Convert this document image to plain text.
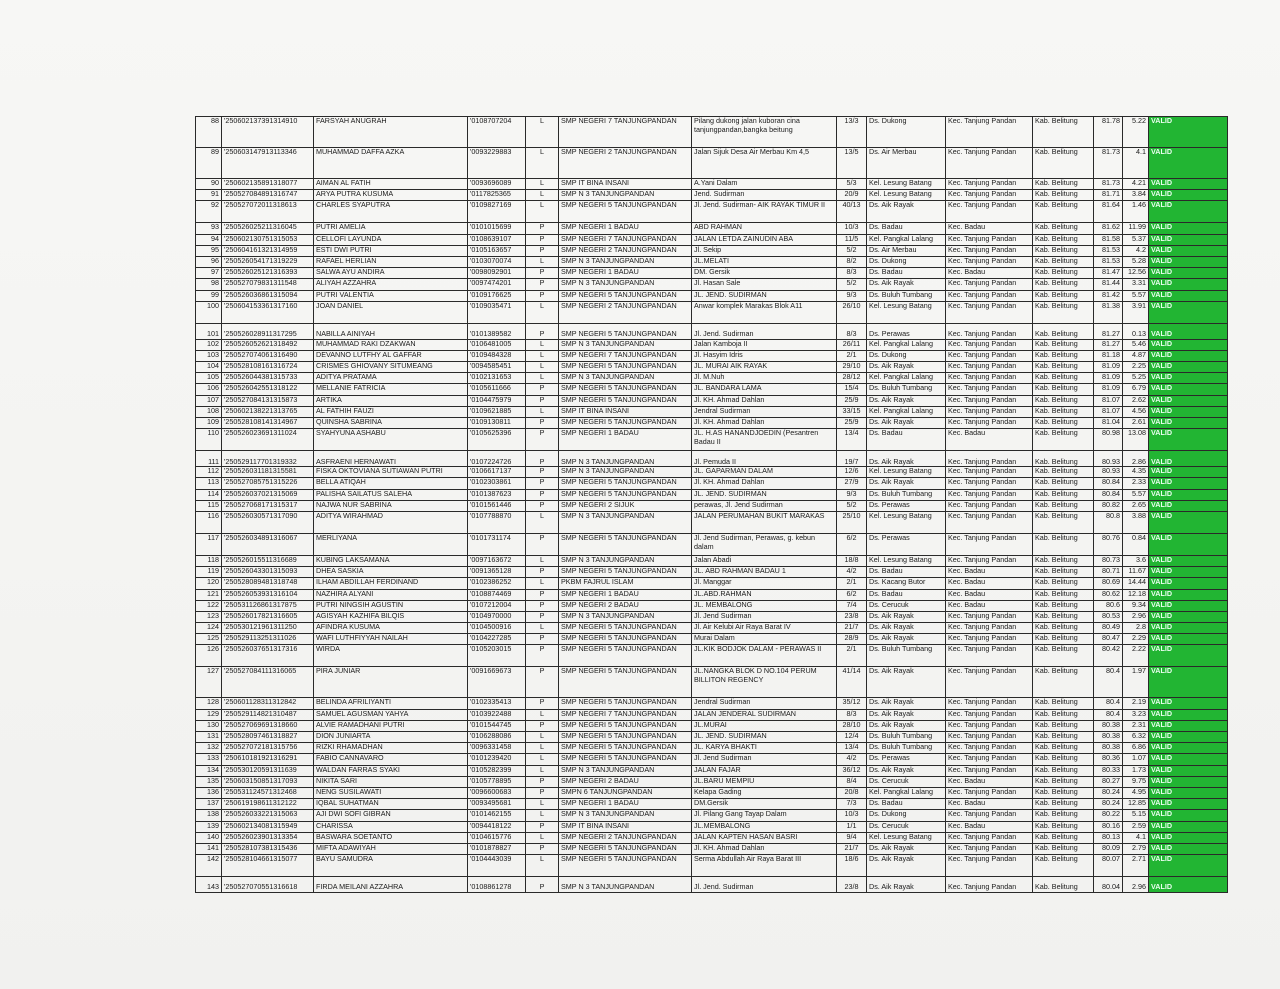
88	'250602137391314910	FARSYAH ANUGRAH	'0108707204	L	SMP NEGERI 7 TANJUNGPANDAN	Pilang dukong jalan kuboran cina tanjungpandan,bangka beitung	13/3	Ds. Dukong	Kec. Tanjung Pandan	Kab. Belitung	81.78	5.22	VALID
89	'250603147913113346	MUHAMMAD DAFFA AZKA	'0093229883	L	SMP NEGERI 2 TANJUNGPANDAN	Jalan Sijuk Desa Air Merbau Km 4,5	13/5	Ds. Air Merbau	Kec. Tanjung Pandan	Kab. Belitung	81.73	4.1	VALID
90	'250602135891318077	AIMAN AL FATIH	'0093696089	L	SMP IT BINA INSANI	A.Yani Dalam	5/3	Kel. Lesung Batang	Kec. Tanjung Pandan	Kab. Belitung	81.73	4.21	VALID
91	'250527084891316747	ARYA PUTRA KUSUMA	'0117825365	L	SMP N 3 TANJUNGPANDAN	Jend. Sudirman	20/9	Kel. Lesung Batang	Kec. Tanjung Pandan	Kab. Belitung	81.71	3.84	VALID
92	'250527072011318613	CHARLES SYAPUTRA	'0109827169	L	SMP NEGERI 5 TANJUNGPANDAN	Jl. Jend. Sudirman- AIK RAYAK TIMUR II	40/13	Ds. Aik Rayak	Kec. Tanjung Pandan	Kab. Belitung	81.64	1.46	VALID
93	'250526025211316045	PUTRI AMELIA	'0101015699	P	SMP NEGERI 1 BADAU	ABD RAHMAN	10/3	Ds. Badau	Kec. Badau	Kab. Belitung	81.62	11.99	VALID
94	'250602130751315053	CELLOFI LAYUNDA	'0108639107	P	SMP NEGERI 7 TANJUNGPANDAN	JALAN LETDA ZAINUDIN ABA	11/5	Kel. Pangkal Lalang	Kec. Tanjung Pandan	Kab. Belitung	81.58	5.37	VALID
95	'250604161321314959	ESTI DWI PUTRI	'0105163657	P	SMP NEGERI 2 TANJUNGPANDAN	Jl. Sekip	5/2	Ds. Air Merbau	Kec. Tanjung Pandan	Kab. Belitung	81.53	4.2	VALID
96	'250526054171319229	RAFAEL HERLIAN	'0103070074	L	SMP N 3 TANJUNGPANDAN	JL.MELATI	8/2	Ds. Dukong	Kec. Tanjung Pandan	Kab. Belitung	81.53	5.28	VALID
97	'250526025121316393	SALWA AYU ANDIRA	'0098092901	P	SMP NEGERI 1 BADAU	DM. Gersik	8/3	Ds. Badau	Kec. Badau	Kab. Belitung	81.47	12.56	VALID
98	'250527079831311548	ALIYAH AZZAHRA	'0097474201	P	SMP N 3 TANJUNGPANDAN	Jl. Hasan Sale	5/2	Ds. Aik Rayak	Kec. Tanjung Pandan	Kab. Belitung	81.44	3.31	VALID
99	'250526036861315094	PUTRI VALENTIA	'0109176625	P	SMP NEGERI 5 TANJUNGPANDAN	JL. JEND. SUDIRMAN	9/3	Ds. Buluh Tumbang	Kec. Tanjung Pandan	Kab. Belitung	81.42	5.57	VALID
100	'250604153361317160	JOAN DANIEL	'0109035471	L	SMP NEGERI 2 TANJUNGPANDAN	Anwar komplek Marakas Blok A11	26/10	Kel. Lesung Batang	Kec. Tanjung Pandan	Kab. Belitung	81.38	3.91	VALID
101	'250526028911317295	NABILLA AINIYAH	'0101389582	P	SMP NEGERI 5 TANJUNGPANDAN	Jl. Jend. Sudirman	8/3	Ds. Perawas	Kec. Tanjung Pandan	Kab. Belitung	81.27	0.13	VALID
102	'250526052621318492	MUHAMMAD RAKI DZAKWAN	'0106481005	L	SMP N 3 TANJUNGPANDAN	Jalan Kamboja II	26/11	Kel. Pangkal Lalang	Kec. Tanjung Pandan	Kab. Belitung	81.27	5.46	VALID
103	'250527074061316490	DEVANNO LUTFHY AL GAFFAR	'0109484328	L	SMP NEGERI 7 TANJUNGPANDAN	Jl. Hasyim Idris	2/1	Ds. Dukong	Kec. Tanjung Pandan	Kab. Belitung	81.18	4.87	VALID
104	'250528108161316724	CRISMES GHIOVANY SITUMEANG	'0094585451	L	SMP NEGERI 5 TANJUNGPANDAN	JL. MURAI AIK RAYAK	29/10	Ds. Aik Rayak	Kec. Tanjung Pandan	Kab. Belitung	81.09	2.25	VALID
105	'250526044381315733	ADITYA PRATAMA	'0102131653	L	SMP N 3 TANJUNGPANDAN	Jl. M.Nuh	28/12	Kel. Pangkal Lalang	Kec. Tanjung Pandan	Kab. Belitung	81.09	5.25	VALID
106	'250526042551318122	MELLANIE FATRICIA	'0105611666	P	SMP NEGERI 5 TANJUNGPANDAN	JL. BANDARA LAMA	15/4	Ds. Buluh Tumbang	Kec. Tanjung Pandan	Kab. Belitung	81.09	6.79	VALID
107	'250527084131315873	ARTIKA	'0104475979	P	SMP NEGERI 5 TANJUNGPANDAN	Jl. KH. Ahmad Dahlan	25/9	Ds. Aik Rayak	Kec. Tanjung Pandan	Kab. Belitung	81.07	2.62	VALID
108	'250602138221313765	AL FATHIH FAUZI	'0109621885	L	SMP IT BINA INSANI	Jendral Sudirman	33/15	Kel. Pangkal Lalang	Kec. Tanjung Pandan	Kab. Belitung	81.07	4.56	VALID
109	'250528108141314967	QUINSHA SABRINA	'0109130811	P	SMP NEGERI 5 TANJUNGPANDAN	Jl. KH. Ahmad Dahlan	25/9	Ds. Aik Rayak	Kec. Tanjung Pandan	Kab. Belitung	81.04	2.61	VALID
110	'250526023691311024	SYAHYUNA ASHABU	'0105625396	P	SMP NEGERI 1 BADAU	JL. H.AS HANANDJOEDIN (Pesantren Badau II	13/4	Ds. Badau	Kec. Badau	Kab. Belitung	80.98	13.08	VALID
111	'250529117701319332	ASFRAENI HERNAWATI	'0107224726	P	SMP N 3 TANJUNGPANDAN	Jl. Pemuda II	19/7	Ds. Aik Rayak	Kec. Tanjung Pandan	Kab. Belitung	80.93	2.86	VALID
112	'250526031181315581	FISKA OKTOVIANA SUTIAWAN PUTRI	'0106617137	P	SMP N 3 TANJUNGPANDAN	JL. GAPARMAN DALAM	12/6	Kel. Lesung Batang	Kec. Tanjung Pandan	Kab. Belitung	80.93	4.35	VALID
113	'250527085751315226	BELLA ATIQAH	'0102303861	P	SMP NEGERI 5 TANJUNGPANDAN	Jl. KH. Ahmad Dahlan	27/9	Ds. Aik Rayak	Kec. Tanjung Pandan	Kab. Belitung	80.84	2.33	VALID
114	'250526037021315069	PALISHA SAILATUS SALEHA	'0101387623	P	SMP NEGERI 5 TANJUNGPANDAN	JL. JEND. SUDIRMAN	9/3	Ds. Buluh Tumbang	Kec. Tanjung Pandan	Kab. Belitung	80.84	5.57	VALID
115	'250527068171315317	NAJWA NUR SABRINA	'0101561446	P	SMP NEGERI 2 SIJUK	perawas, Jl. Jend Sudirman	5/2	Ds. Perawas	Kec. Tanjung Pandan	Kab. Belitung	80.82	2.65	VALID
116	'250526030571317090	ADITYA WIRAHMAD	'0107788870	L	SMP N 3 TANJUNGPANDAN	JALAN PERUMAHAN BUKIT MARAKAS	25/10	Kel. Lesung Batang	Kec. Tanjung Pandan	Kab. Belitung	80.8	3.88	VALID
117	'250526034891316067	MERLIYANA	'0101731174	P	SMP NEGERI 5 TANJUNGPANDAN	Jl. Jend Sudirman, Perawas, g. kebun dalam	6/2	Ds. Perawas	Kec. Tanjung Pandan	Kab. Belitung	80.76	0.84	VALID
118	'250526015511316689	KUBING LAKSAMANA	'0097163672	L	SMP N 3 TANJUNGPANDAN	Jalan Abadi	18/8	Kel. Lesung Batang	Kec. Tanjung Pandan	Kab. Belitung	80.73	3.6	VALID
119	'250526043301315093	DHEA SASKIA	'0091365128	P	SMP NEGERI 5 TANJUNGPANDAN	JL. ABD RAHMAN BADAU 1	4/2	Ds. Badau	Kec. Badau	Kab. Belitung	80.71	11.67	VALID
120	'250528089481318748	ILHAM ABDILLAH FERDINAND	'0102386252	L	PKBM FAJRUL ISLAM	Jl. Manggar	2/1	Ds. Kacang Butor	Kec. Badau	Kab. Belitung	80.69	14.44	VALID
121	'250526053931316104	NAZHIRA ALYANI	'0108874469	P	SMP NEGERI 1 BADAU	JL.ABD.RAHMAN	6/2	Ds. Badau	Kec. Badau	Kab. Belitung	80.62	12.18	VALID
122	'250531126861317875	PUTRI NINGSIH AGUSTIN	'0107212004	P	SMP NEGERI 2 BADAU	JL. MEMBALONG	7/4	Ds. Cerucuk	Kec. Badau	Kab. Belitung	80.6	9.34	VALID
123	'250526017821316605	AGISYAH KAZHIFA BILQIS	'0104970000	P	SMP N 3 TANJUNGPANDAN	Jl. Jend Sudirman	23/8	Ds. Aik Rayak	Kec. Tanjung Pandan	Kab. Belitung	80.53	2.96	VALID
124	'250530121961311250	AFINDRA KUSUMA	'0104500916	L	SMP NEGERI 5 TANJUNGPANDAN	Jl. Air Kelubi Air Raya Barat IV	21/7	Ds. Aik Rayak	Kec. Tanjung Pandan	Kab. Belitung	80.49	2.8	VALID
125	'250529113251311026	WAFI LUTHFIYYAH NAILAH	'0104227285	P	SMP NEGERI 5 TANJUNGPANDAN	Murai Dalam	28/9	Ds. Aik Rayak	Kec. Tanjung Pandan	Kab. Belitung	80.47	2.29	VALID
126	'250526037651317316	WIRDA	'0105203015	P	SMP NEGERI 5 TANJUNGPANDAN	JL.KIK BODJOK DALAM - PERAWAS II	2/1	Ds. Buluh Tumbang	Kec. Tanjung Pandan	Kab. Belitung	80.42	2.22	VALID
127	'250527084111316065	PIRA JUNIAR	'0091669673	P	SMP NEGERI 5 TANJUNGPANDAN	JL.NANGKA BLOK D NO.104 PERUM BILLITON REGENCY	41/14	Ds. Aik Rayak	Kec. Tanjung Pandan	Kab. Belitung	80.4	1.97	VALID
128	'250601128311312842	BELINDA AFRILIYANTI	'0102335413	P	SMP NEGERI 5 TANJUNGPANDAN	Jendral Sudirman	35/12	Ds. Aik Rayak	Kec. Tanjung Pandan	Kab. Belitung	80.4	2.19	VALID
129	'250529114821310487	SAMUEL AGUSMAN YAHYA	'0103922488	L	SMP NEGERI 7 TANJUNGPANDAN	JALAN JENDERAL SUDIRMAN	8/3	Ds. Aik Rayak	Kec. Tanjung Pandan	Kab. Belitung	80.4	3.23	VALID
130	'250527069691318660	ALVIE RAMADHANI PUTRI	'0101544745	P	SMP NEGERI 5 TANJUNGPANDAN	JL.MURAI	28/10	Ds. Aik Rayak	Kec. Tanjung Pandan	Kab. Belitung	80.38	2.31	VALID
131	'250528097461318827	DION JUNIARTA	'0106288086	L	SMP NEGERI 5 TANJUNGPANDAN	JL. JEND. SUDIRMAN	12/4	Ds. Buluh Tumbang	Kec. Tanjung Pandan	Kab. Belitung	80.38	6.32	VALID
132	'250527072181315756	RIZKI RHAMADHAN	'0096331458	L	SMP NEGERI 5 TANJUNGPANDAN	JL. KARYA BHAKTI	13/4	Ds. Buluh Tumbang	Kec. Tanjung Pandan	Kab. Belitung	80.38	6.86	VALID
133	'250610181921316291	FABIO CANNAVARO	'0101239420	L	SMP NEGERI 5 TANJUNGPANDAN	Jl. Jend Sudirman	4/2	Ds. Perawas	Kec. Tanjung Pandan	Kab. Belitung	80.36	1.07	VALID
134	'250530120591311639	WALDAN FARRAS SYAKI	'0105282399	L	SMP N 3 TANJUNGPANDAN	JALAN FAJAR	36/12	Ds. Aik Rayak	Kec. Tanjung Pandan	Kab. Belitung	80.33	1.73	VALID
135	'250603150851317093	NIKITA SARI	'0105778895	P	SMP NEGERI 2 BADAU	JL.BARU MEMPIU	8/4	Ds. Cerucuk	Kec. Badau	Kab. Belitung	80.27	9.75	VALID
136	'250531124571312468	NENG SUSILAWATI	'0096600683	P	SMPN 6 TANJUNGPANDAN	Kelapa Gading	20/8	Kel. Pangkal Lalang	Kec. Tanjung Pandan	Kab. Belitung	80.24	4.95	VALID
137	'250619198611312122	IQBAL SUHATMAN	'0093495681	L	SMP NEGERI 1 BADAU	DM.Gersik	7/3	Ds. Badau	Kec. Badau	Kab. Belitung	80.24	12.85	VALID
138	'250526033221315063	AJI DWI SOFI GIBRAN	'0101462155	L	SMP N 3 TANJUNGPANDAN	Jl. Pilang Gang Tayap Dalam	10/3	Ds. Dukong	Kec. Tanjung Pandan	Kab. Belitung	80.22	5.15	VALID
139	'250602134081315949	CHARISSA	'0094418122	P	SMP IT BINA INSANI	JL.MEMBALONG	1/1	Ds. Cerucuk	Kec. Badau	Kab. Belitung	80.16	2.59	VALID
140	'250526023901313354	BASWARA SOETANTO	'0104615776	L	SMP NEGERI 2 TANJUNGPANDAN	JALAN KAPTEN HASAN BASRI	9/4	Kel. Lesung Batang	Kec. Tanjung Pandan	Kab. Belitung	80.13	4.1	VALID
141	'250528107381315436	MIFTA ADAWIYAH	'0101878827	P	SMP NEGERI 5 TANJUNGPANDAN	Jl. KH. Ahmad Dahlan	21/7	Ds. Aik Rayak	Kec. Tanjung Pandan	Kab. Belitung	80.09	2.79	VALID
142	'250528104661315077	BAYU SAMUDRA	'0104443039	L	SMP NEGERI 5 TANJUNGPANDAN	Serma Abdullah Air Raya Barat III	18/6	Ds. Aik Rayak	Kec. Tanjung Pandan	Kab. Belitung	80.07	2.71	VALID
143	'250527070551316618	FIRDA MEILANI AZZAHRA	'0108861278	P	SMP N 3 TANJUNGPANDAN	Jl. Jend. Sudirman	23/8	Ds. Aik Rayak	Kec. Tanjung Pandan	Kab. Belitung	80.04	2.96	VALID
